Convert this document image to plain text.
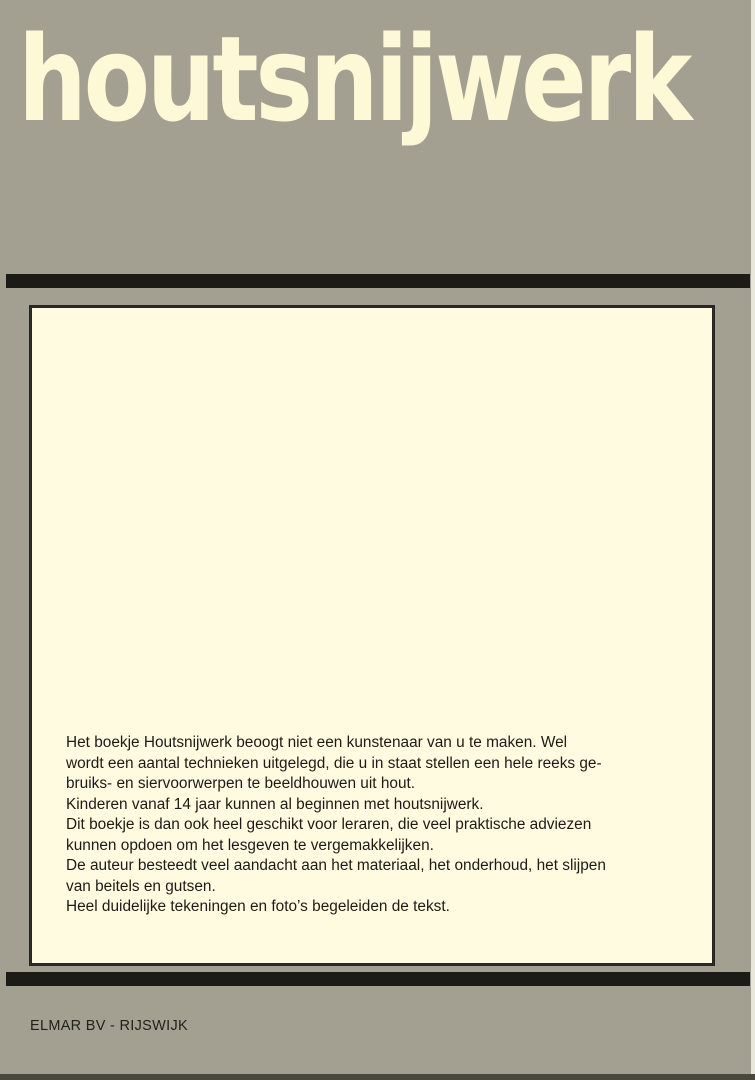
houtsnijwerk

Het boekje Houtsnijwerk beoogt niet een kunstenaar van u te maken. Wel

wordt een aantal technieken uitgelegd, die u in staat stellen een hele reeks ge-

bruiks- en siervoorwerpen te beeldhouwen uit hout.

Kinderen vanaf 14 jaar kunnen al beginnen met houtsnijwerk.

Dit boekje is dan ook heel geschikt voor leraren, die veel praktische adviezen

kunnen opdoen om het lesgeven te vergemakkelijken.

De auteur besteedt veel aandacht aan het materiaal, het onderhoud, het slijpen

van beitels en gutsen.

Heel duidelijke tekeningen en foto’s begeleiden de tekst.

ELMAR BV - RIJSWIJK
